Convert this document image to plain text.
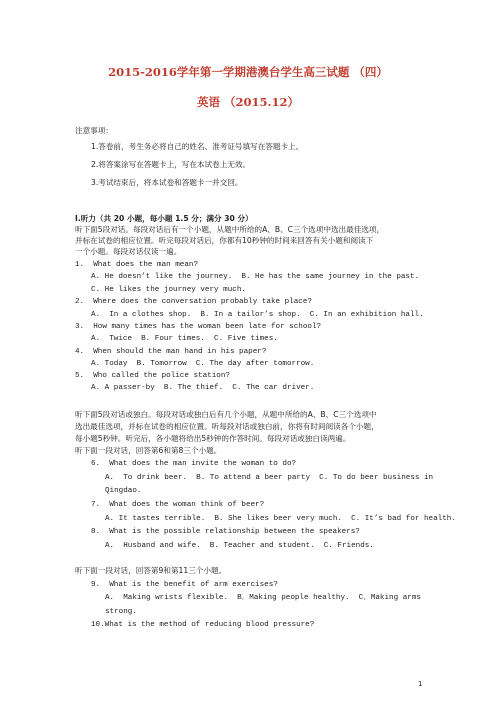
2015-2016学年第一学期港澳台学生高三试题 （四）
英语 （2015.12）
注意事项：
1.答卷前，考生务必将自己的姓名、准考证号填写在答题卡上。
2.将答案涂写在答题卡上，写在本试卷上无效。
3.考试结束后，将本试卷和答题卡一并交回。
I.听力（共 20 小题，每小题 1.5 分；满分 30 分）
听下面5段对话。每段对话后有一个小题，从题中所给的A、B、C三个选项中选出最佳选项，
并标在试卷的相应位置。听完每段对话后，你都有10秒钟的时间来回答有关小题和阅读下
一个小题。每段对话仅读一遍。
1.  What does the man mean?
A. He doesn’t like the journey.  B. He has the same journey in the past.
C. He likes the journey very much.
2.  Where does the conversation probably take place?
A.  In a clothes shop.  B. In a tailor’s shop.  C. In an exhibition hall.
3.  How many times has the woman been late for school?
A.  Twice  B. Four times.  C. Five times.
4.  When should the man hand in his paper?
A. Today  B. Tomorrow  C. The day after tomorrow.
5.  Who called the police station?
A. A passer-by  B. The thief.  C. The car driver.
听下面5段对话或独白。每段对话或独白后有几个小题，从题中所给的A、B、C三个选项中
选出最佳选项，并标在试卷的相应位置。听每段对话或独白前，你将有时间阅读各个小题，
每小题5秒钟。听完后，各小题将给出5秒钟的作答时间。每段对话或独白读两遍。
听下面一段对话，回答第6和第8三个小题。
6.  What does the man invite the woman to do?
A.  To drink beer.  B. To attend a beer party  C. To do beer business in
Qingdao.
7.  What does the woman think of beer?
A. It tastes terrible.  B. She likes beer very much.  C. It’s bad for health.
8.  What is the possible relationship between the speakers?
A.  Husband and wife.  B. Teacher and student.  C. Friends.
听下面一段对话，回答第9和第11三个小题。
9.  What is the benefit of arm exercises?
A.  Making wrists flexible.  B．Making people healthy.  C．Making arms
strong.
10.What is the method of reducing blood pressure?
1
